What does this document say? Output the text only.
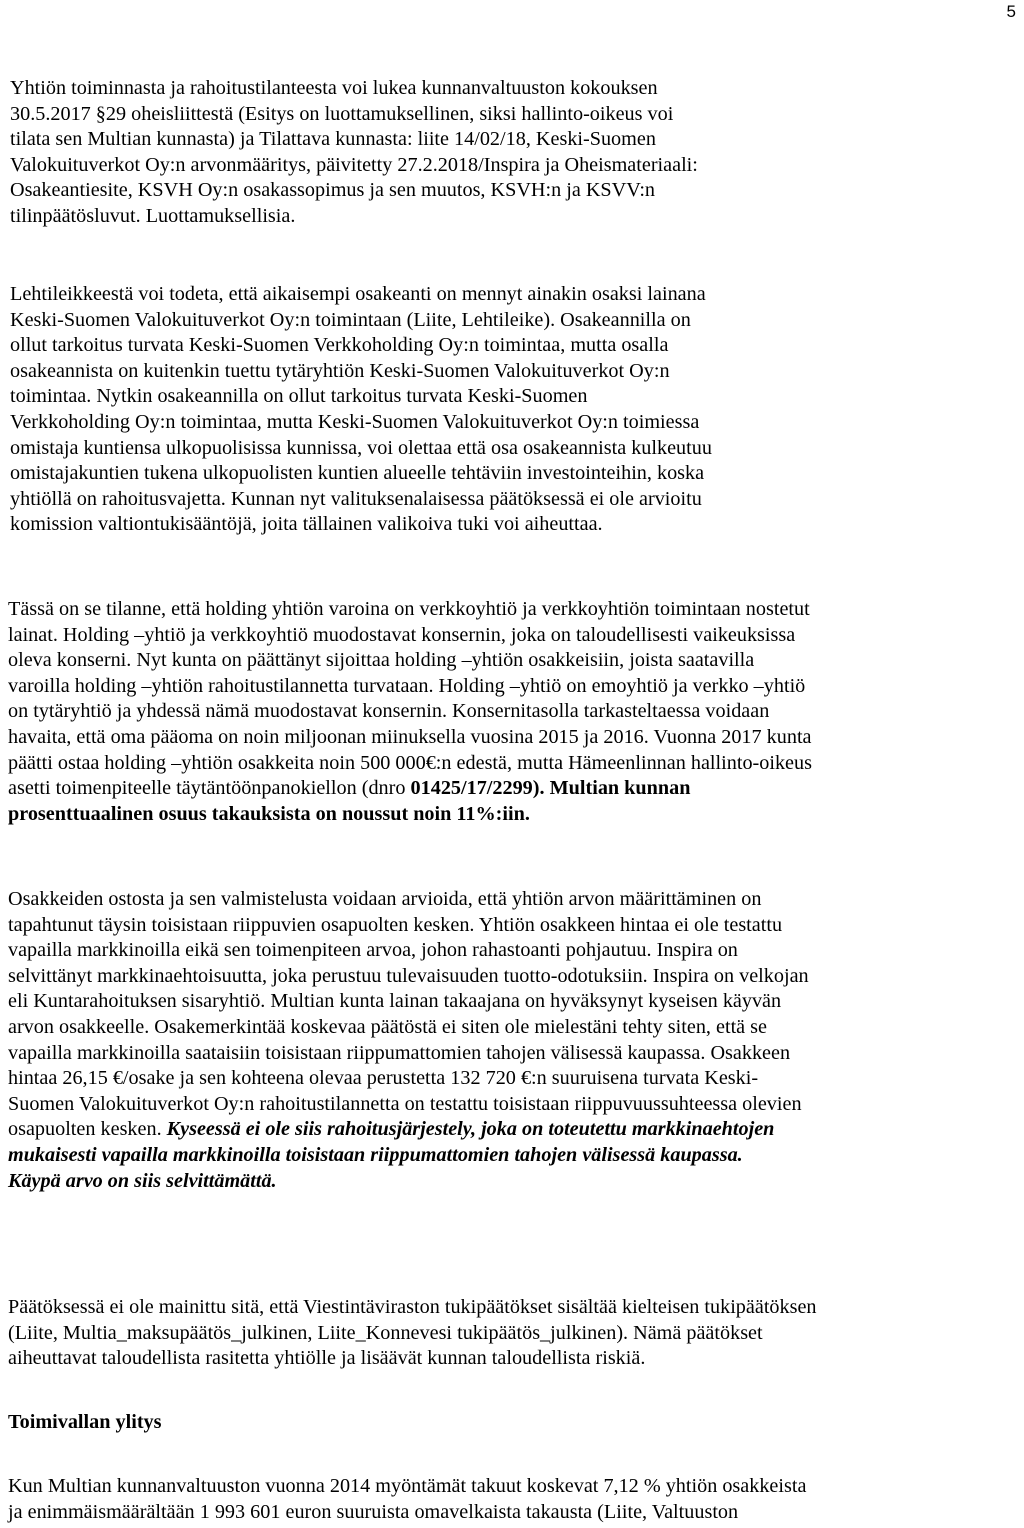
5
Yhtiön toiminnasta ja rahoitustilanteesta voi lukea kunnanvaltuuston kokouksen
30.5.2017 §29 oheisliittestä (Esitys on luottamuksellinen, siksi hallinto-oikeus voi
tilata sen Multian kunnasta) ja Tilattava kunnasta: liite 14/02/18, Keski-Suomen
Valokuituverkot Oy:n arvonmääritys, päivitetty 27.2.2018/Inspira ja Oheismateriaali:
Osakeantiesite, KSVH Oy:n osakassopimus ja sen muutos, KSVH:n ja KSVV:n
tilinpäätösluvut. Luottamuksellisia.
Lehtileikkeestä voi todeta, että aikaisempi osakeanti on mennyt ainakin osaksi lainana
Keski-Suomen Valokuituverkot Oy:n toimintaan (Liite, Lehtileike). Osakeannilla on
ollut tarkoitus turvata Keski-Suomen Verkkoholding Oy:n toimintaa, mutta osalla
osakeannista on kuitenkin tuettu tytäryhtiön Keski-Suomen Valokuituverkot Oy:n
toimintaa. Nytkin osakeannilla on ollut tarkoitus turvata Keski-Suomen
Verkkoholding Oy:n toimintaa, mutta Keski-Suomen Valokuituverkot Oy:n toimiessa
omistaja kuntiensa ulkopuolisissa kunnissa, voi olettaa että osa osakeannista kulkeutuu
omistajakuntien tukena ulkopuolisten kuntien alueelle tehtäviin investointeihin, koska
yhtiöllä on rahoitusvajetta. Kunnan nyt valituksenalaisessa päätöksessä ei ole arvioitu
komission valtiontukisääntöjä, joita tällainen valikoiva tuki voi aiheuttaa.
Tässä on se tilanne, että holding yhtiön varoina on verkkoyhtiö ja verkkoyhtiön toimintaan nostetut
lainat. Holding –yhtiö ja verkkoyhtiö muodostavat konsernin, joka on taloudellisesti vaikeuksissa
oleva konserni. Nyt kunta on päättänyt sijoittaa holding –yhtiön osakkeisiin, joista saatavilla
varoilla holding –yhtiön rahoitustilannetta turvataan. Holding –yhtiö on emoyhtiö ja verkko –yhtiö
on tytäryhtiö ja yhdessä nämä muodostavat konsernin. Konsernitasolla tarkasteltaessa voidaan
havaita, että oma pääoma on noin miljoonan miinuksella vuosina 2015 ja 2016. Vuonna 2017 kunta
päätti ostaa holding –yhtiön osakkeita noin 500 000€:n edestä, mutta Hämeenlinnan hallinto-oikeus
asetti toimenpiteelle täytäntöönpanokiellon (dnro 01425/17/2299). Multian kunnan
prosenttuaalinen osuus takauksista on noussut noin 11%:iin.
Osakkeiden ostosta ja sen valmistelusta voidaan arvioida, että yhtiön arvon määrittäminen on
tapahtunut täysin toisistaan riippuvien osapuolten kesken. Yhtiön osakkeen hintaa ei ole testattu
vapailla markkinoilla eikä sen toimenpiteen arvoa, johon rahastoanti pohjautuu. Inspira on
selvittänyt markkinaehtoisuutta, joka perustuu tulevaisuuden tuotto-odotuksiin. Inspira on velkojan
eli Kuntarahoituksen sisaryhtiö. Multian kunta lainan takaajana on hyväksynyt kyseisen käyvän
arvon osakkeelle. Osakemerkintää koskevaa päätöstä ei siten ole mielestäni tehty siten, että se
vapailla markkinoilla saataisiin toisistaan riippumattomien tahojen välisessä kaupassa. Osakkeen
hintaa 26,15 €/osake ja sen kohteena olevaa perustetta 132 720 €:n suuruisena turvata Keski-
Suomen Valokuituverkot Oy:n rahoitustilannetta on testattu toisistaan riippuvuussuhteessa olevien
osapuolten kesken. Kyseessä ei ole siis rahoitusjärjestely, joka on toteutettu markkinaehtojen
mukaisesti vapailla markkinoilla toisistaan riippumattomien tahojen välisessä kaupassa.
Käypä arvo on siis selvittämättä.
Päätöksessä ei ole mainittu sitä, että Viestintäviraston tukipäätökset sisältää kielteisen tukipäätöksen
(Liite, Multia_maksupäätös_julkinen, Liite_Konnevesi tukipäätös_julkinen). Nämä päätökset
aiheuttavat taloudellista rasitetta yhtiölle ja lisäävät kunnan taloudellista riskiä.
Toimivallan ylitys
Kun Multian kunnanvaltuuston vuonna 2014 myöntämät takuut koskevat 7,12 % yhtiön osakkeista
ja enimmäismäärältään 1 993 601 euron suuruista omavelkaista takausta (Liite, Valtuuston
